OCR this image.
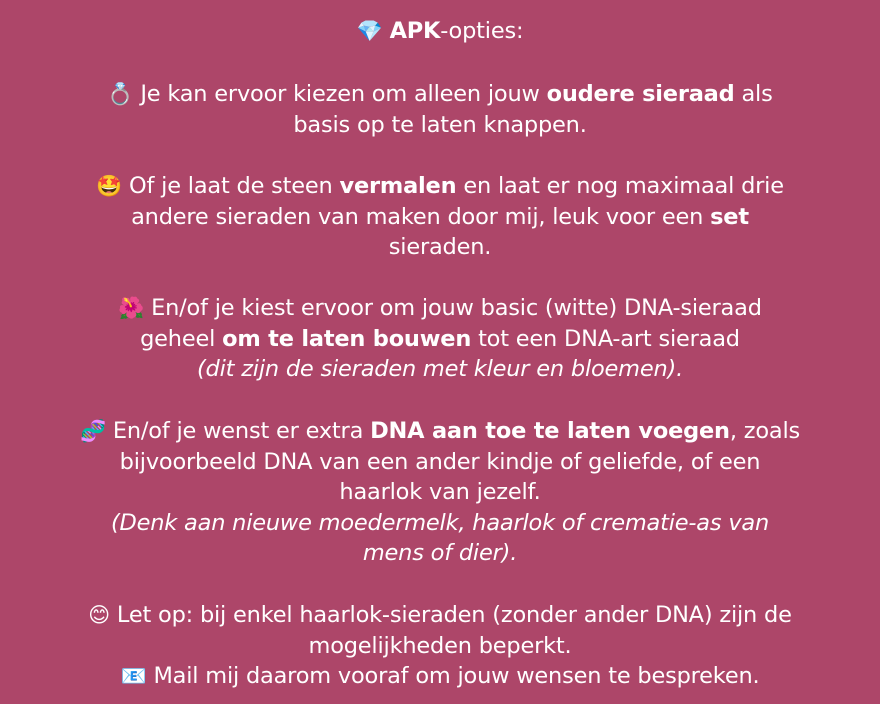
💎 APK-opties:
💍 Je kan ervoor kiezen om alleen jouw oudere sieraad als
basis op te laten knappen.
🤩 Of je laat de steen vermalen en laat er nog maximaal drie
andere sieraden van maken door mij, leuk voor een set
sieraden.
🌺 En/of je kiest ervoor om jouw basic (witte) DNA-sieraad
geheel om te laten bouwen tot een DNA-art sieraad
(dit zijn de sieraden met kleur en bloemen).
🧬 En/of je wenst er extra DNA aan toe te laten voegen, zoals
bijvoorbeeld DNA van een ander kindje of geliefde, of een
haarlok van jezelf.
(Denk aan nieuwe moedermelk, haarlok of crematie-as van
mens of dier).
😊 Let op: bij enkel haarlok-sieraden (zonder ander DNA) zijn de
mogelijkheden beperkt.
📧 Mail mij daarom vooraf om jouw wensen te bespreken.
